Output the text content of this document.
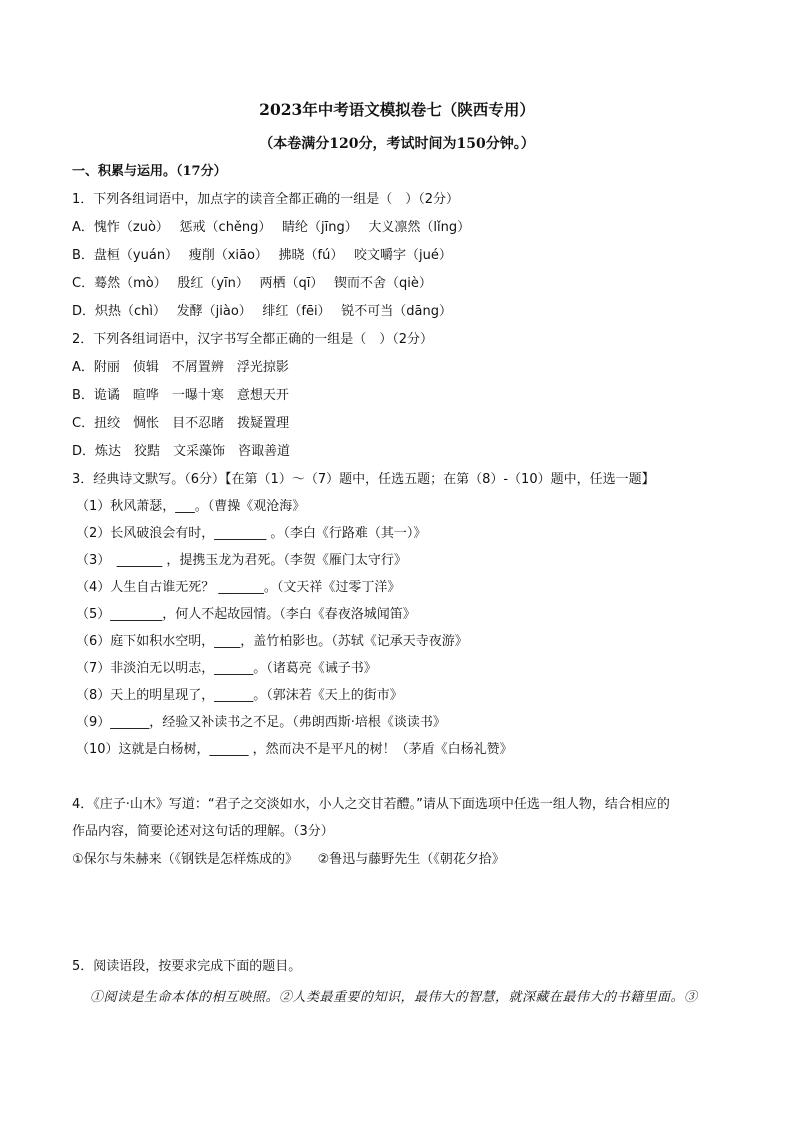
2023年中考语文模拟卷七（陕西专用）
（本卷满分120分，考试时间为150分钟。）
一、积累与运用。（17分）
1．下列各组词语中，加点字的读音全都正确的一组是（　）（2分）
A．愧怍（zuò）　 惩戒（chěng）　 睛纶（jīng）　 大义凛然（lǐng）
B．盘桓（yuán）　 瘦削（xiāo）　 拂晓（fú）　 咬文嚼字（jué）
C．蓦然（mò）　 殷红（yīn）　 两栖（qī）　 锲而不舍（qiè）
D．炽热（chì）　 发酵（jiào）　 绯红（fēi）　 锐不可当（dāng）
2．下列各组词语中，汉字书写全都正确的一组是（　）（2分）
A．附丽　侦辑　不屑置辨　浮光掠影
B．诡谲　暄哗　一曝十寒　意想天开
C．扭绞　惆怅　目不忍睹　拨疑置理
D．炼达　狡黠　文采藻饰　咨诹善道
3．经典诗文默写。（6分）【在第（1）～（7）题中，任选五题；在第（8）-（10）题中，任选一题】
（1）秋风萧瑟，___。（曹操《观沧海》
（2）长风破浪会有时，________ 。（李白《行路难（其一）》
（3）　_______ ，提携玉龙为君死。（李贺《雁门太守行》
（4）人生自古谁无死？ _______。（文天祥《过零丁洋》
（5）________，何人不起故园情。（李白《春夜洛城闻笛》
（6）庭下如积水空明，____，盖竹柏影也。（苏轼《记承天寺夜游》
（7）非淡泊无以明志，______。（诸葛亮《诫子书》
（8）天上的明星现了，______。（郭沫若《天上的街市》
（9）______，经验又补读书之不足。（弗朗西斯·培根《谈读书》
（10）这就是白杨树，______ ，然而决不是平凡的树！（茅盾《白杨礼赞》
4．《庄子·山木》写道：“君子之交淡如水，小人之交甘若醴。”请从下面选项中任选一组人物，结合相应的
作品内容，简要论述对这句话的理解。（3分）
①保尔与朱赫来（《钢铁是怎样炼成的》　　②鲁迅与藤野先生（《朝花夕拾》
5．阅读语段，按要求完成下面的题目。
①阅读是生命本体的相互映照。②人类最重要的知识，最伟大的智慧，就深藏在最伟大的书籍里面。③
